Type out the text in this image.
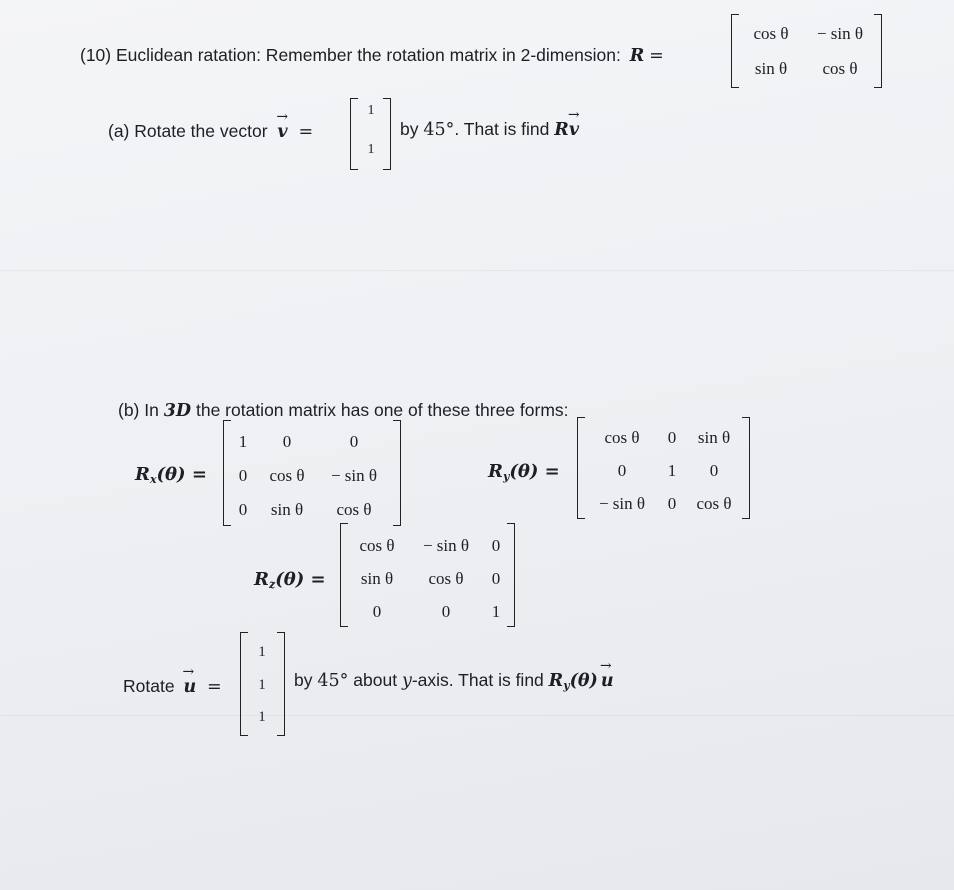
(10) Euclidean ratation: Remember the rotation matrix in 2-dimension: R =
cos θ	− sin θ
sin θ	cos θ
(a) Rotate the vector → v =
1
1
by 45°. That is find R→ v
(b) In 3D the rotation matrix has one of these three forms:
$R_x(\theta)$ =
1	0	0
0	cos θ	− sin θ
0	sin θ	cos θ
$R_y(\theta)$ =
cos θ	0	sin θ
0	1	0
− sin θ	0	cos θ
$R_z(\theta)$ =
cos θ	− sin θ	0
sin θ	cos θ	0
0	0	1
Rotate → u =
1
1
1
by 45° about y-axis. That is find $R_y(\theta) \to u$
